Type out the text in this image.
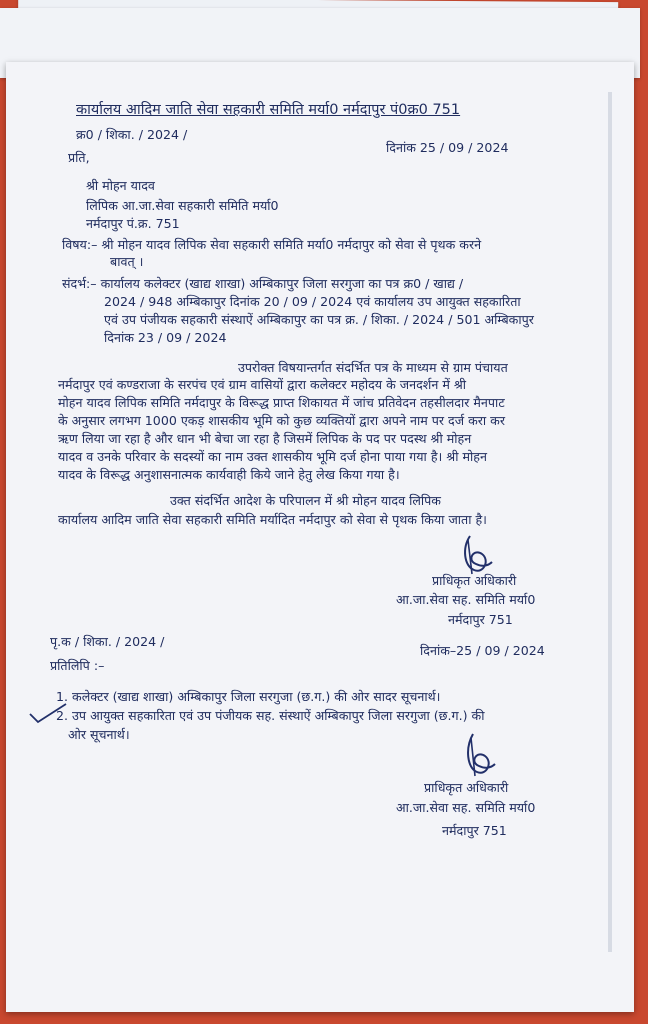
कार्यालय आदिम जाति सेवा सहकारी समिति मर्या0 नर्मदापुर पं0क्र0 751
क्र0 / शिका. / 2024 /
दिनांक 25 / 09 / 2024
प्रति,
श्री मोहन यादव
लिपिक आ.जा.सेवा सहकारी समिति मर्या0
नर्मदापुर पं.क्र. 751
विषय:– श्री मोहन यादव लिपिक सेवा सहकारी समिति मर्या0 नर्मदापुर को सेवा से पृथक करने
बावत् ।
संदर्भ:– कार्यालय कलेक्टर (खाद्य शाखा) अम्बिकापुर जिला सरगुजा का पत्र क्र0 / खाद्य /
2024 / 948 अम्बिकापुर दिनांक 20 / 09 / 2024 एवं कार्यालय उप आयुक्त सहकारिता
एवं उप पंजीयक सहकारी संस्थाऐं अम्बिकापुर का पत्र क्र. / शिका. / 2024 / 501 अम्बिकापुर
दिनांक 23 / 09 / 2024
उपरोक्त विषयान्तर्गत संदर्भित पत्र के माध्यम से ग्राम पंचायत
नर्मदापुर एवं कण्डराजा के सरपंच एवं ग्राम वासियों द्वारा कलेक्टर महोदय के जनदर्शन में श्री
मोहन यादव लिपिक समिति नर्मदापुर के विरूद्ध प्राप्त शिकायत में जांच प्रतिवेदन तहसीलदार मैनपाट
के अनुसार लगभग 1000 एकड़ शासकीय भूमि को कुछ व्यक्तियों द्वारा अपने नाम पर दर्ज करा कर
ऋण लिया जा रहा है और धान भी बेचा जा रहा है जिसमें लिपिक के पद पर पदस्थ श्री मोहन
यादव व उनके परिवार के सदस्यों का नाम उक्त शासकीय भूमि दर्ज होना पाया गया है। श्री मोहन
यादव के विरूद्ध अनुशासनात्मक कार्यवाही किये जाने हेतु लेख किया गया है।
उक्त संदर्भित आदेश के परिपालन में श्री मोहन यादव लिपिक
कार्यालय आदिम जाति सेवा सहकारी समिति मर्यादित नर्मदापुर को सेवा से पृथक किया जाता है।
प्राधिकृत अधिकारी
आ.जा.सेवा सह. समिति मर्या0
नर्मदापुर 751
पृ.क / शिका. / 2024 /
दिनांक–25 / 09 / 2024
प्रतिलिपि :–
1. कलेक्टर (खाद्य शाखा) अम्बिकापुर जिला सरगुजा (छ.ग.) की ओर सादर सूचनार्थ।
2. उप आयुक्त सहकारिता एवं उप पंजीयक सह. संस्थाऐं अम्बिकापुर जिला सरगुजा (छ.ग.) की
ओर सूचनार्थ।
प्राधिकृत अधिकारी
आ.जा.सेवा सह. समिति मर्या0
नर्मदापुर 751
